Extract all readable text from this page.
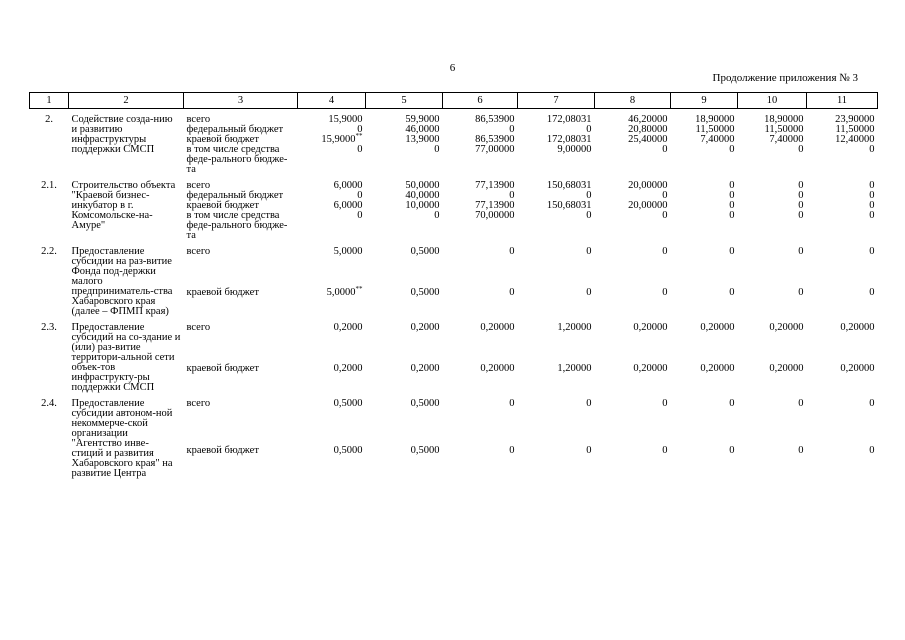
6
Продолжение приложения № 3
1	2	3	4	5	6	7	8	9	10	11
2.	Содействие созда-нию и развитию инфраструктуры поддержки СМСП	всего	15,9000	59,9000	86,53900	172,08031	46,20000	18,90000	18,90000	23,90000
		федеральный бюджет	0	46,0000	0	0	20,80000	11,50000	11,50000	11,50000
		краевой бюджет	15,9000**	13,9000	86,53900	172,08031	25,40000	7,40000	7,40000	12,40000
		в том числе средства феде-рального бюдже-та	0	0	77,00000	9,00000	0	0	0	0
2.1.	Строительство объекта "Краевой бизнес-инкубатор в г. Комсомольске-на-Амуре"	всего	6,0000	50,0000	77,13900	150,68031	20,00000	0	0	0
		федеральный бюджет	0	40,0000	0	0	0	0	0	0
		краевой бюджет	6,0000	10,0000	77,13900	150,68031	20,00000	0	0	0
		в том числе средства феде-рального бюдже-та	0	0	70,00000	0	0	0	0	0
2.2.	Предоставление субсидии на раз-витие Фонда под-держки малого предприниматель-ства Хабаровского края (далее – ФПМП края)	всего	5,0000	0,5000	0	0	0	0	0	0
		краевой бюджет	5,0000**	0,5000	0	0	0	0	0	0
2.3.	Предоставление субсидий на со-здание и (или) раз-витие территори-альной сети объек-тов инфраструкту-ры поддержки СМСП	всего	0,2000	0,2000	0,20000	1,20000	0,20000	0,20000	0,20000	0,20000
		краевой бюджет	0,2000	0,2000	0,20000	1,20000	0,20000	0,20000	0,20000	0,20000
2.4.	Предоставление субсидии автоном-ной некоммерче-ской организации "Агентство инве-стиций и развития Хабаровского края" на развитие Центра	всего	0,5000	0,5000	0	0	0	0	0	0
		краевой бюджет	0,5000	0,5000	0	0	0	0	0	0
